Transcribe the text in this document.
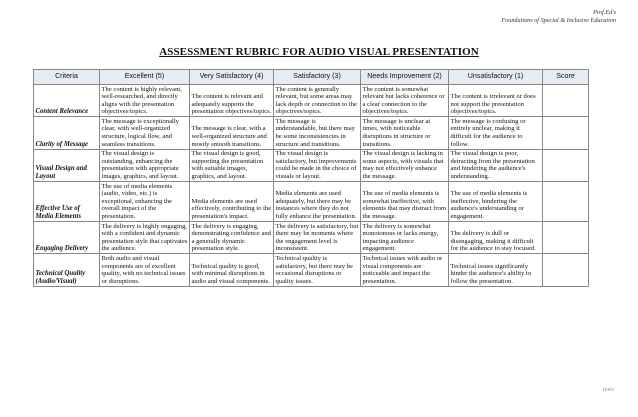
Prof.Ed's
Foundations of Special & Inclusive Education
ASSESSMENT RUBRIC FOR AUDIO VISUAL PRESENTATION
Criteria	Excellent (5)	Very Satisfactory (4)	Satisfactory (3)	Needs Improvement (2)	Unsatisfactory (1)	Score
Content Relevance	The content is highly relevant, well-researched, and directly aligns with the presentation objectives/topics.	The content is relevant and adequately supports the presentation objectives/topics.	The content is generally relevant, but some areas may lack depth or connection to the objectives/topics.	The content is somewhat relevant but lacks coherence or a clear connection to the objectives/topics.	The content is irrelevant or does not support the presentation objectives/topics.	
Clarity of Message	The message is exceptionally clear, with well-organized structure, logical flow, and seamless transitions.	The message is clear, with a well-organized structure and mostly smooth transitions.	The message is understandable, but there may be some inconsistencies in structure and transitions.	The message is unclear at times, with noticeable disruptions in structure or transitions.	The message is confusing or entirely unclear, making it difficult for the audience to follow.	
Visual Design and Layout	The visual design is outstanding, enhancing the presentation with appropriate images, graphics, and layout.	The visual design is good, supporting the presentation with suitable images, graphics, and layout.	The visual design is satisfactory, but improvements could be made in the choice of visuals or layout.	The visual design is lacking in some aspects, with visuals that may not effectively enhance the message.	The visual design is poor, detracting from the presentation and hindering the audience's understanding.	
Effective Use of Media Elements	The use of media elements (audio, video, etc.) is exceptional, enhancing the overall impact of the presentation.	Media elements are used effectively, contributing to the presentation's impact.	Media elements are used adequately, but there may be instances where they do not fully enhance the presentation.	The use of media elements is somewhat ineffective, with elements that may distract from the message.	The use of media elements is ineffective, hindering the audience's understanding or engagement.	
Engaging Delivery	The delivery is highly engaging, with a confident and dynamic presentation style that captivates the audience.	The delivery is engaging, demonstrating confidence and a generally dynamic presentation style.	The delivery is satisfactory, but there may be moments where the engagement level is inconsistent.	The delivery is somewhat monotonous or lacks energy, impacting audience engagement.	The delivery is dull or disengaging, making it difficult for the audience to stay focused.	
Technical Quality (Audio/Visual)	Both audio and visual components are of excellent quality, with no technical issues or disruptions.	Technical quality is good, with minimal disruptions in audio and visual components.	Technical quality is satisfactory, but there may be occasional disruptions or quality issues.	Technical issues with audio or visual components are noticeable and impact the presentation.	Technical issues significantly hinder the audience's ability to follow the presentation.	
rr.rr.r
